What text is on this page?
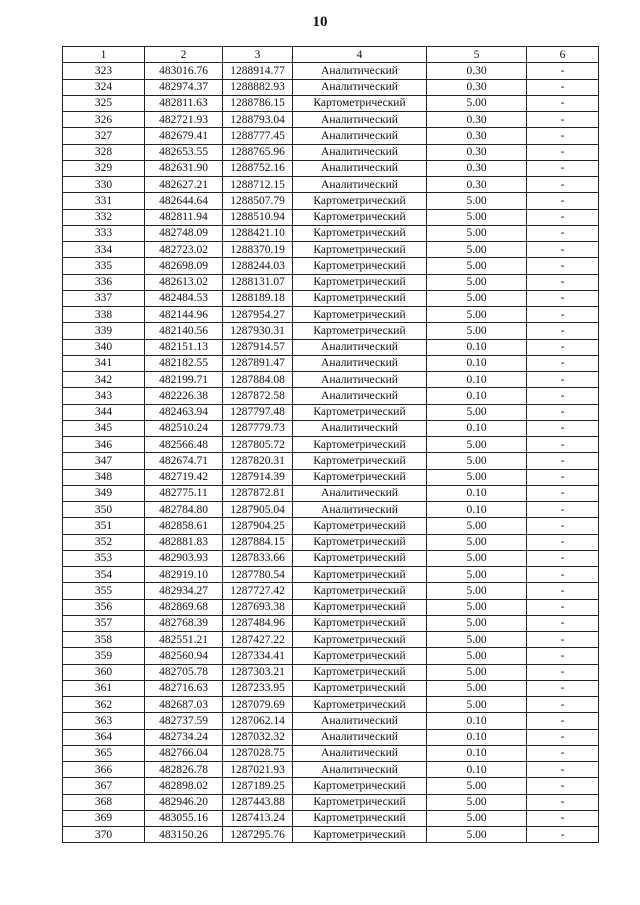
10
1	2	3	4	5	6
323	483016.76	1288914.77	Аналитический	0.30	-
324	482974.37	1288882.93	Аналитический	0.30	-
325	482811.63	1288786.15	Картометрический	5.00	-
326	482721.93	1288793.04	Аналитический	0.30	-
327	482679.41	1288777.45	Аналитический	0.30	-
328	482653.55	1288765.96	Аналитический	0.30	-
329	482631.90	1288752.16	Аналитический	0.30	-
330	482627.21	1288712.15	Аналитический	0.30	-
331	482644.64	1288507.79	Картометрический	5.00	-
332	482811.94	1288510.94	Картометрический	5.00	-
333	482748.09	1288421.10	Картометрический	5.00	-
334	482723.02	1288370.19	Картометрический	5.00	-
335	482698.09	1288244.03	Картометрический	5.00	-
336	482613.02	1288131.07	Картометрический	5.00	-
337	482484.53	1288189.18	Картометрический	5.00	-
338	482144.96	1287954.27	Картометрический	5.00	-
339	482140.56	1287930.31	Картометрический	5.00	-
340	482151.13	1287914.57	Аналитический	0.10	-
341	482182.55	1287891.47	Аналитический	0.10	-
342	482199.71	1287884.08	Аналитический	0.10	-
343	482226.38	1287872.58	Аналитический	0.10	-
344	482463.94	1287797.48	Картометрический	5.00	-
345	482510.24	1287779.73	Аналитический	0.10	-
346	482566.48	1287805.72	Картометрический	5.00	-
347	482674.71	1287820.31	Картометрический	5.00	-
348	482719.42	1287914.39	Картометрический	5.00	-
349	482775.11	1287872.81	Аналитический	0.10	-
350	482784.80	1287905.04	Аналитический	0.10	-
351	482858.61	1287904.25	Картометрический	5.00	-
352	482881.83	1287884.15	Картометрический	5.00	-
353	482903.93	1287833.66	Картометрический	5.00	-
354	482919.10	1287780.54	Картометрический	5.00	-
355	482934.27	1287727.42	Картометрический	5.00	-
356	482869.68	1287693.38	Картометрический	5.00	-
357	482768.39	1287484.96	Картометрический	5.00	-
358	482551.21	1287427.22	Картометрический	5.00	-
359	482560.94	1287334.41	Картометрический	5.00	-
360	482705.78	1287303.21	Картометрический	5.00	-
361	482716.63	1287233.95	Картометрический	5.00	-
362	482687.03	1287079.69	Картометрический	5.00	-
363	482737.59	1287062.14	Аналитический	0.10	-
364	482734.24	1287032.32	Аналитический	0.10	-
365	482766.04	1287028.75	Аналитический	0.10	-
366	482826.78	1287021.93	Аналитический	0.10	-
367	482898.02	1287189.25	Картометрический	5.00	-
368	482946.20	1287443.88	Картометрический	5.00	-
369	483055.16	1287413.24	Картометрический	5.00	-
370	483150.26	1287295.76	Картометрический	5.00	-
